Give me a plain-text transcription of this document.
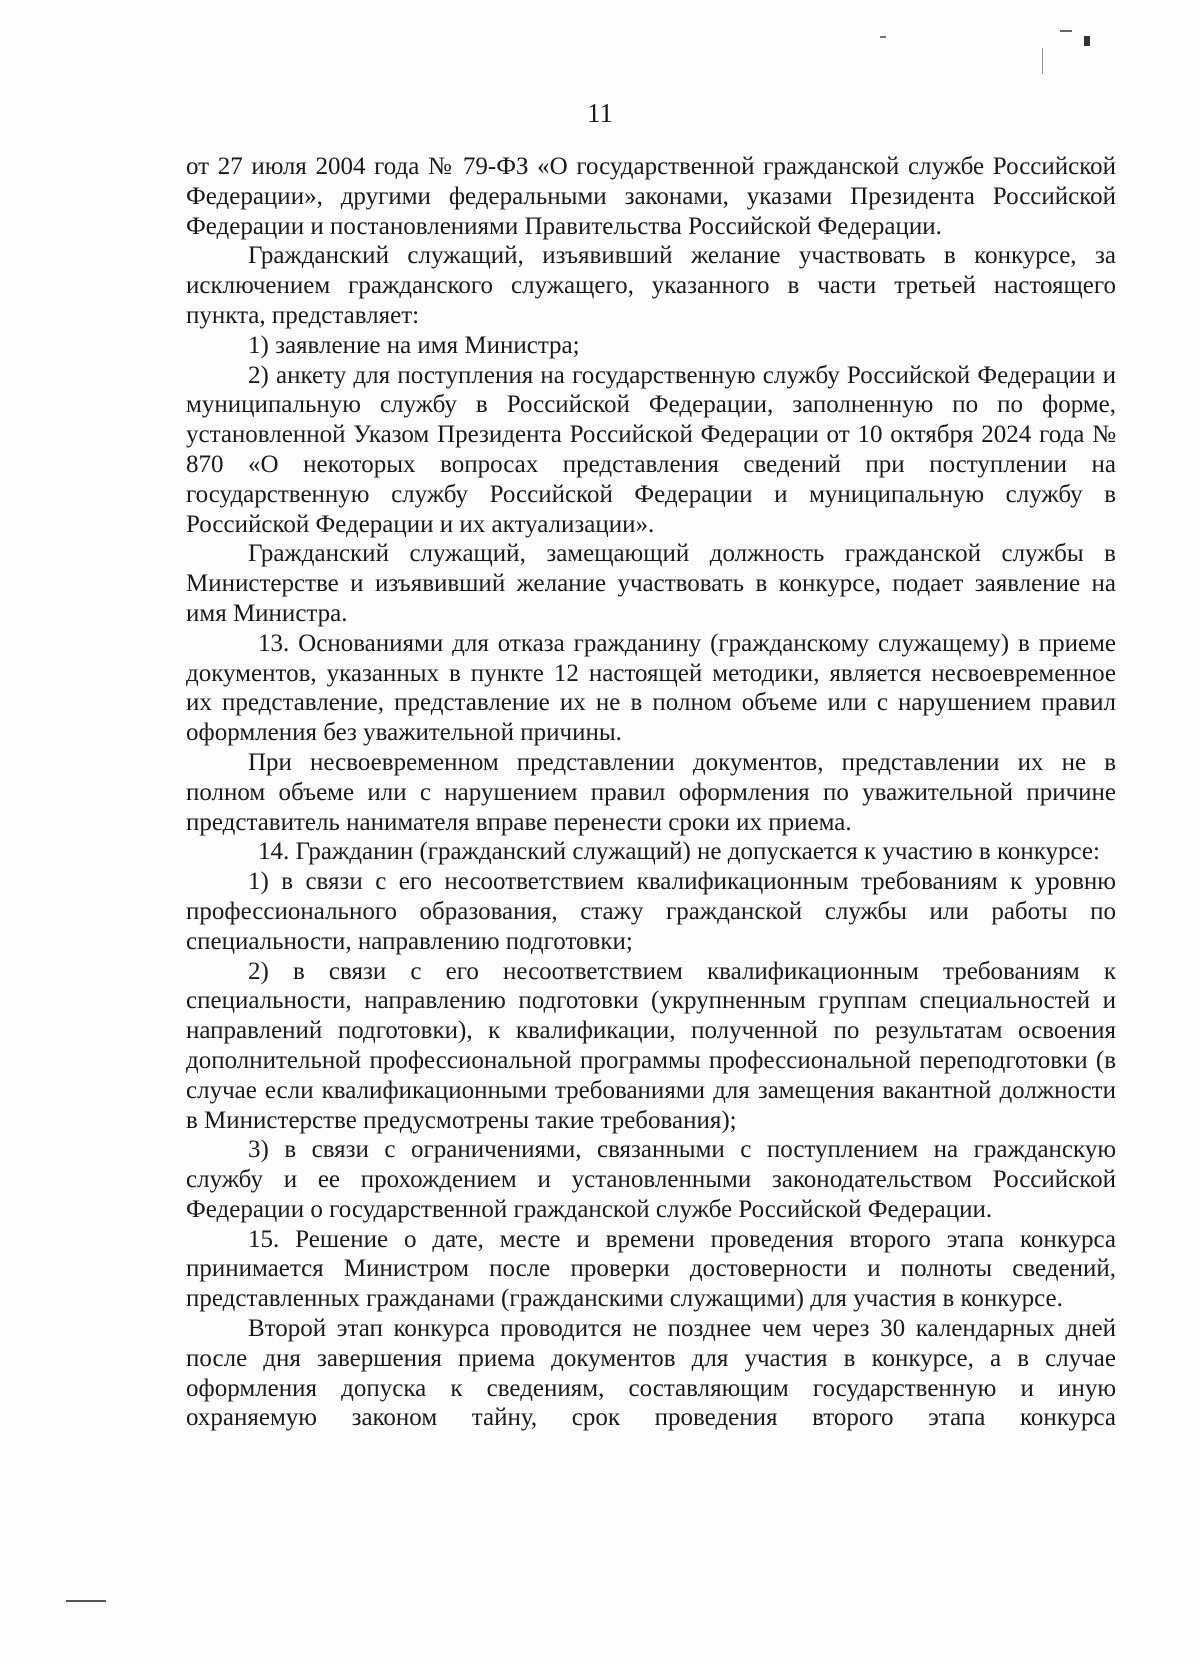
11

от 27 июля 2004 года № 79-ФЗ «О государственной гражданской службе Российской Федерации», другими федеральными законами, указами Президента Российской Федерации и постановлениями Правительства Российской Федерации.

Гражданский служащий, изъявивший желание участвовать в конкурсе, за исключением гражданского служащего, указанного в части третьей настоящего пункта, представляет:

1) заявление на имя Министра;

2) анкету для поступления на государственную службу Российской Федерации и муниципальную службу в Российской Федерации, заполненную по по форме, установленной Указом Президента Российской Федерации от 10 октября 2024 года № 870 «О некоторых вопросах представления сведений при поступлении на государственную службу Российской Федерации и муниципальную службу в Российской Федерации и их актуализации».

Гражданский служащий, замещающий должность гражданской службы в Министерстве и изъявивший желание участвовать в конкурсе, подает заявление на имя Министра.

13. Основаниями для отказа гражданину (гражданскому служащему) в приеме документов, указанных в пункте 12 настоящей методики, является несвоевременное их представление, представление их не в полном объеме или с нарушением правил оформления без уважительной причины.

При несвоевременном представлении документов, представлении их не в полном объеме или с нарушением правил оформления по уважительной причине представитель нанимателя вправе перенести сроки их приема.

14. Гражданин (гражданский служащий) не допускается к участию в конкурсе:

1) в связи с его несоответствием квалификационным требованиям к уровню профессионального образования, стажу гражданской службы или работы по специальности, направлению подготовки;

2) в связи с его несоответствием квалификационным требованиям к специальности, направлению подготовки (укрупненным группам специальностей и направлений подготовки), к квалификации, полученной по результатам освоения дополнительной профессиональной программы профессиональной переподготовки (в случае если квалификационными требованиями для замещения вакантной должности в Министерстве предусмотрены такие требования);

3) в связи с ограничениями, связанными с поступлением на гражданскую службу и ее прохождением и установленными законодательством Российской Федерации о государственной гражданской службе Российской Федерации.

15. Решение о дате, месте и времени проведения второго этапа конкурса принимается Министром после проверки достоверности и полноты сведений, представленных гражданами (гражданскими служащими) для участия в конкурсе.

Второй этап конкурса проводится не позднее чем через 30 календарных дней после дня завершения приема документов для участия в конкурсе, а в случае оформления допуска к сведениям, составляющим государственную и иную охраняемую законом тайну, срок проведения второго этапа конкурса
